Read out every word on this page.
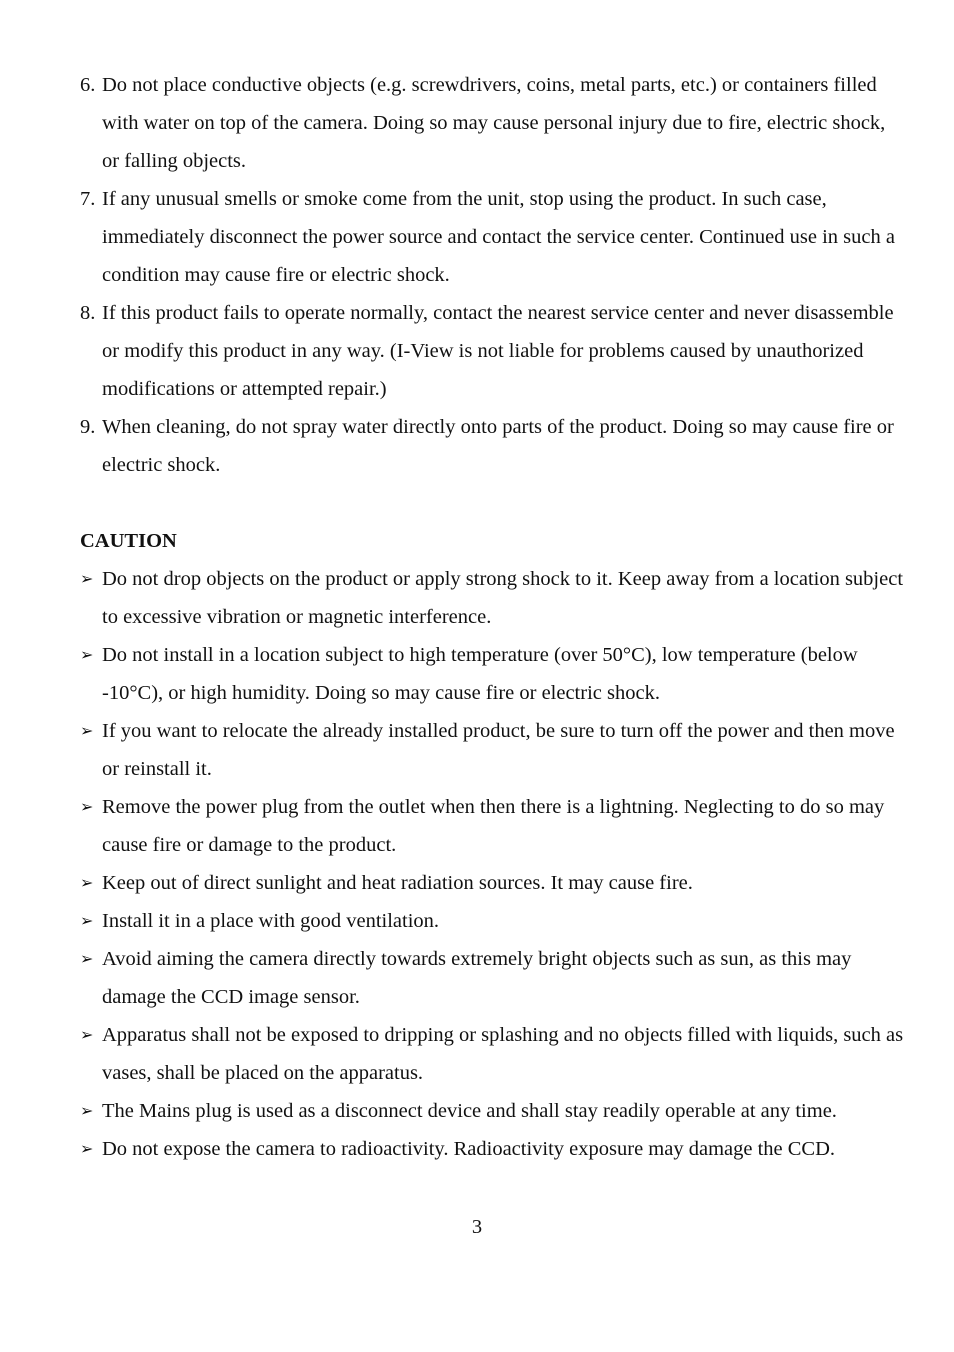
6. Do not place conductive objects (e.g. screwdrivers, coins, metal parts, etc.) or containers filled with water on top of the camera. Doing so may cause personal injury due to fire, electric shock, or falling objects.
7. If any unusual smells or smoke come from the unit, stop using the product. In such case, immediately disconnect the power source and contact the service center. Continued use in such a condition may cause fire or electric shock.
8. If this product fails to operate normally, contact the nearest service center and never disassemble or modify this product in any way. (I-View is not liable for problems caused by unauthorized modifications or attempted repair.)
9. When cleaning, do not spray water directly onto parts of the product. Doing so may cause fire or electric shock.
CAUTION
➢ Do not drop objects on the product or apply strong shock to it. Keep away from a location subject to excessive vibration or magnetic interference.
➢ Do not install in a location subject to high temperature (over 50°C), low temperature (below -10°C), or high humidity. Doing so may cause fire or electric shock.
➢ If you want to relocate the already installed product, be sure to turn off the power and then move or reinstall it.
➢ Remove the power plug from the outlet when then there is a lightning. Neglecting to do so may cause fire or damage to the product.
➢ Keep out of direct sunlight and heat radiation sources. It may cause fire.
➢ Install it in a place with good ventilation.
➢ Avoid aiming the camera directly towards extremely bright objects such as sun, as this may damage the CCD image sensor.
➢ Apparatus shall not be exposed to dripping or splashing and no objects filled with liquids, such as vases, shall be placed on the apparatus.
➢ The Mains plug is used as a disconnect device and shall stay readily operable at any time.
➢ Do not expose the camera to radioactivity. Radioactivity exposure may damage the CCD.
3
